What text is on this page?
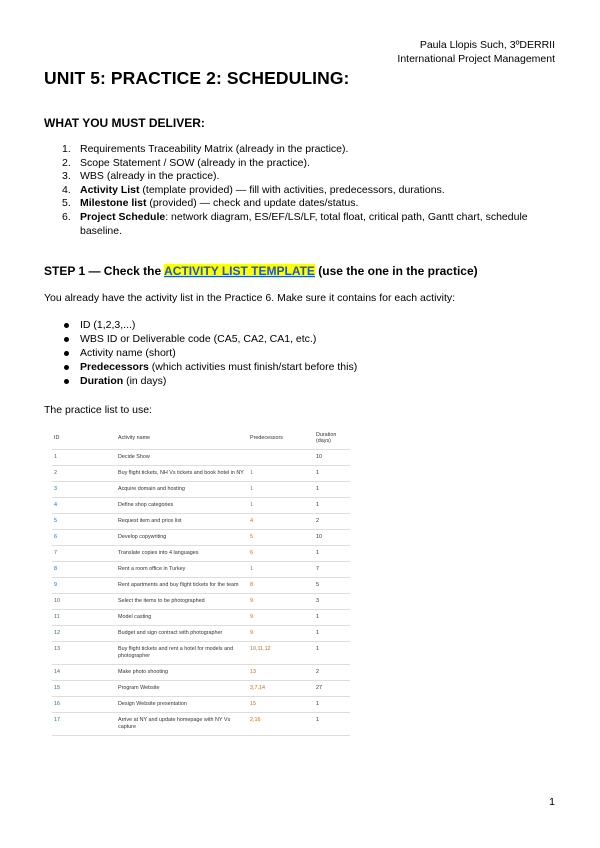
Paula Llopis Such, 3ºDERRII
International Project Management
UNIT 5: PRACTICE 2: SCHEDULING:
WHAT YOU MUST DELIVER:
1. Requirements Traceability Matrix (already in the practice).
2. Scope Statement / SOW (already in the practice).
3. WBS (already in the practice).
4. Activity List (template provided) — fill with activities, predecessors, durations.
5. Milestone list (provided) — check and update dates/status.
6. Project Schedule: network diagram, ES/EF/LS/LF, total float, critical path, Gantt chart, schedule baseline.
STEP 1 — Check the ACTIVITY LIST TEMPLATE (use the one in the practice)

You already have the activity list in the Practice 6. Make sure it contains for each activity:

ID (1,2,3,...)
WBS ID or Deliverable code (CA5, CA2, CA1, etc.)
Activity name (short)
Predecessors (which activities must finish/start before this)
Duration (in days)

The practice list to use:

ID	Activity name	Predecessors	Duration (days)
1	Decide Show		10
2	Buy flight tickets, NH Vs tickets and book hotel in NY	1	1
3	Acquire domain and hosting	1	1
4	Define shop categories	1	1
5	Request item and price list	4	2
6	Develop copywriting	5	10
7	Translate copies into 4 languages	6	1
8	Rent a room office in Turkey	1	7
9	Rent apartments and buy flight tickets for the team	8	5
10	Select the items to be photographed	9	3
11	Model casting	9	1
12	Budget and sign contract with photographer	9	1
13	Buy flight tickets and rent a hotel for models and photographer	10,11,12	1
14	Make photo shooting	13	2
15	Program Website	3,7,14	27
16	Design Website presentation	15	1
17	Arrive at NY and update homepage with NY Vs capture	2,16	1
1
